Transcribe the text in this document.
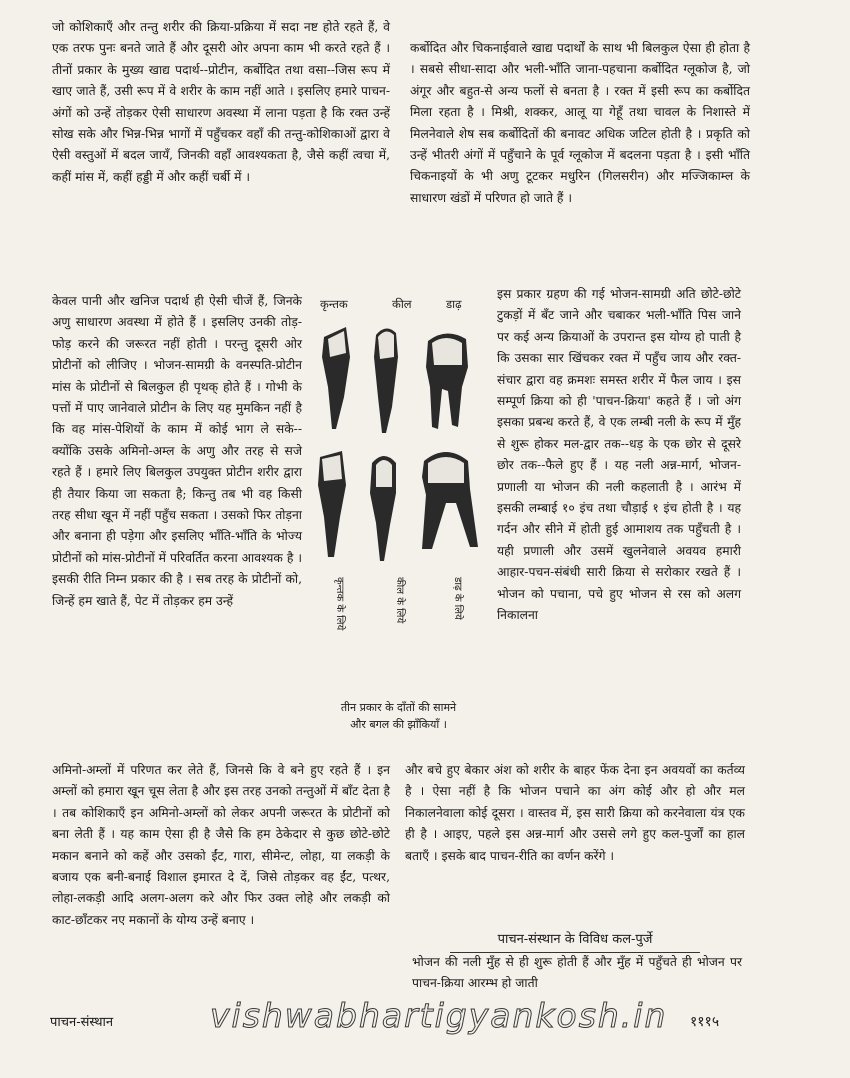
जो कोशिकाएँ और तन्तु शरीर की क्रिया-प्रक्रिया में सदा नष्ट होते रहते हैं, वे एक तरफ पुनः बनते जाते हैं और दूसरी ओर अपना काम भी करते रहते हैं । तीनों प्रकार के मुख्य खाद्य पदार्थ--प्रोटीन, कर्बोदित तथा वसा--जिस रूप में खाए जाते हैं, उसी रूप में वे शरीर के काम नहीं आते । इसलिए हमारे पाचन-अंगों को उन्हें तोड़कर ऐसी साधारण अवस्था में लाना पड़ता है कि रक्त उन्हें सोख सके और भिन्न-भिन्न भागों में पहुँचकर वहाँ की तन्तु-कोशिकाओं द्वारा वे ऐसी वस्तुओं में बदल जायँ, जिनकी वहाँ आवश्यकता है, जैसे कहीं त्वचा में, कहीं मांस में, कहीं हड्डी में और कहीं चर्बी में ।

केवल पानी और खनिज पदार्थ ही ऐसी चीजें हैं, जिनके अणु साधारण अवस्था में होते हैं । इसलिए उनकी तोड़-फोड़ करने की जरूरत नहीं होती । परन्तु दूसरी ओर प्रोटीनों को लीजिए । भोजन-सामग्री के वनस्पति-प्रोटीन मांस के प्रोटीनों से बिलकुल ही पृथक् होते हैं । गोभी के पत्तों में पाए जानेवाले प्रोटीन के लिए यह मुमकिन नहीं है कि वह मांस-पेशियों के काम में कोई भाग ले सके--क्योंकि उसके अमिनो-अम्ल के अणु और तरह से सजे रहते हैं । हमारे लिए बिलकुल उपयुक्त प्रोटीन शरीर द्वारा ही तैयार किया जा सकता है; किन्तु तब भी वह किसी तरह सीधा खून में नहीं पहुँच सकता । उसको फिर तोड़ना और बनाना ही पड़ेगा और इसलिए भाँति-भाँति के भोज्य प्रोटीनों को मांस-प्रोटीनों में परिवर्तित करना आवश्यक है । इसकी रीति निम्न प्रकार की है । सब तरह के प्रोटीनों को, जिन्हें हम खाते हैं, पेट में तोड़कर हम उन्हें

कर्बोदित और चिकनाईवाले खाद्य पदार्थों के साथ भी बिलकुल ऐसा ही होता है । सबसे सीधा-सादा और भली-भाँति जाना-पहचाना कर्बोदित ग्लूकोज है, जो अंगूर और बहुत-से अन्य फलों से बनता है । रक्त में इसी रूप का कर्बोदित मिला रहता है । मिश्री, शक्कर, आलू या गेहूँ तथा चावल के निशास्ते में मिलनेवाले शेष सब कर्बोदितों की बनावट अधिक जटिल होती है । प्रकृति को उन्हें भीतरी अंगों में पहुँचाने के पूर्व ग्लूकोज में बदलना पड़ता है । इसी भाँति चिकनाइयों के भी अणु टूटकर मधुरिन (गिलसरीन) और मज्जिकाम्ल के साधारण खंडों में परिणत हो जाते हैं ।

इस प्रकार ग्रहण की गई भोजन-सामग्री अति छोटे-छोटे टुकड़ों में बँट जाने और चबाकर भली-भाँति पिस जाने पर कई अन्य क्रियाओं के उपरान्त इस योग्य हो पाती है कि उसका सार खिंचकर रक्त में पहुँच जाय और रक्त-संचार द्वारा वह क्रमशः समस्त शरीर में फैल जाय । इस सम्पूर्ण क्रिया को ही 'पाचन-क्रिया' कहते हैं । जो अंग इसका प्रबन्ध करते हैं, वे एक लम्बी नली के रूप में मुँह से शुरू होकर मल-द्वार तक--धड़ के एक छोर से दूसरे छोर तक--फैले हुए हैं । यह नली अन्न-मार्ग, भोजन-प्रणाली या भोजन की नली कहलाती है । आरंभ में इसकी लम्बाई १० इंच तथा चौड़ाई १ इंच होती है । यह गर्दन और सीने में होती हुई आमाशय तक पहुँचती है । यही प्रणाली और उसमें खुलनेवाले अवयव हमारी आहार-पचन-संबंधी सारी क्रिया से सरोकार रखते हैं । भोजन को पचाना, पचे हुए भोजन से रस को अलग निकालना

अमिनो-अम्लों में परिणत कर लेते हैं, जिनसे कि वे बने हुए रहते हैं । इन अम्लों को हमारा खून चूस लेता है और इस तरह उनको तन्तुओं में बाँट देता है । तब कोशिकाएँ इन अमिनो-अम्लों को लेकर अपनी जरूरत के प्रोटीनों को बना लेती हैं । यह काम ऐसा ही है जैसे कि हम ठेकेदार से कुछ छोटे-छोटे मकान बनाने को कहें और उसको ईंट, गारा, सीमेन्ट, लोहा, या लकड़ी के बजाय एक बनी-बनाई विशाल इमारत दे दें, जिसे तोड़कर वह ईंट, पत्थर, लोहा-लकड़ी आदि अलग-अलग करे और फिर उक्त लोहे और लकड़ी को काट-छाँटकर नए मकानों के योग्य उन्हें बनाए ।

और बचे हुए बेकार अंश को शरीर के बाहर फेंक देना इन अवयवों का कर्तव्य है । ऐसा नहीं है कि भोजन पचाने का अंग कोई और हो और मल निकालनेवाला कोई दूसरा । वास्तव में, इस सारी क्रिया को करनेवाला यंत्र एक ही है । आइए, पहले इस अन्न-मार्ग और उससे लगे हुए कल-पुर्जों का हाल बताएँ । इसके बाद पाचन-रीति का वर्णन करेंगे ।

पाचन-संस्थान के विविध कल-पुर्जे

भोजन की नली मुँह से ही शुरू होती हैं और मुँह में पहुँचते ही भोजन पर पाचन-क्रिया आरम्भ हो जाती

कृन्तक	कील	डाढ़
कृन्तक के लिये	कील के लिये	डाढ़ के लिये
तीन प्रकार के दाँतों की सामने
और बगल की झाँकियाँ ।
पाचन-संस्थान	vishwabhartigyankosh.in १११५
